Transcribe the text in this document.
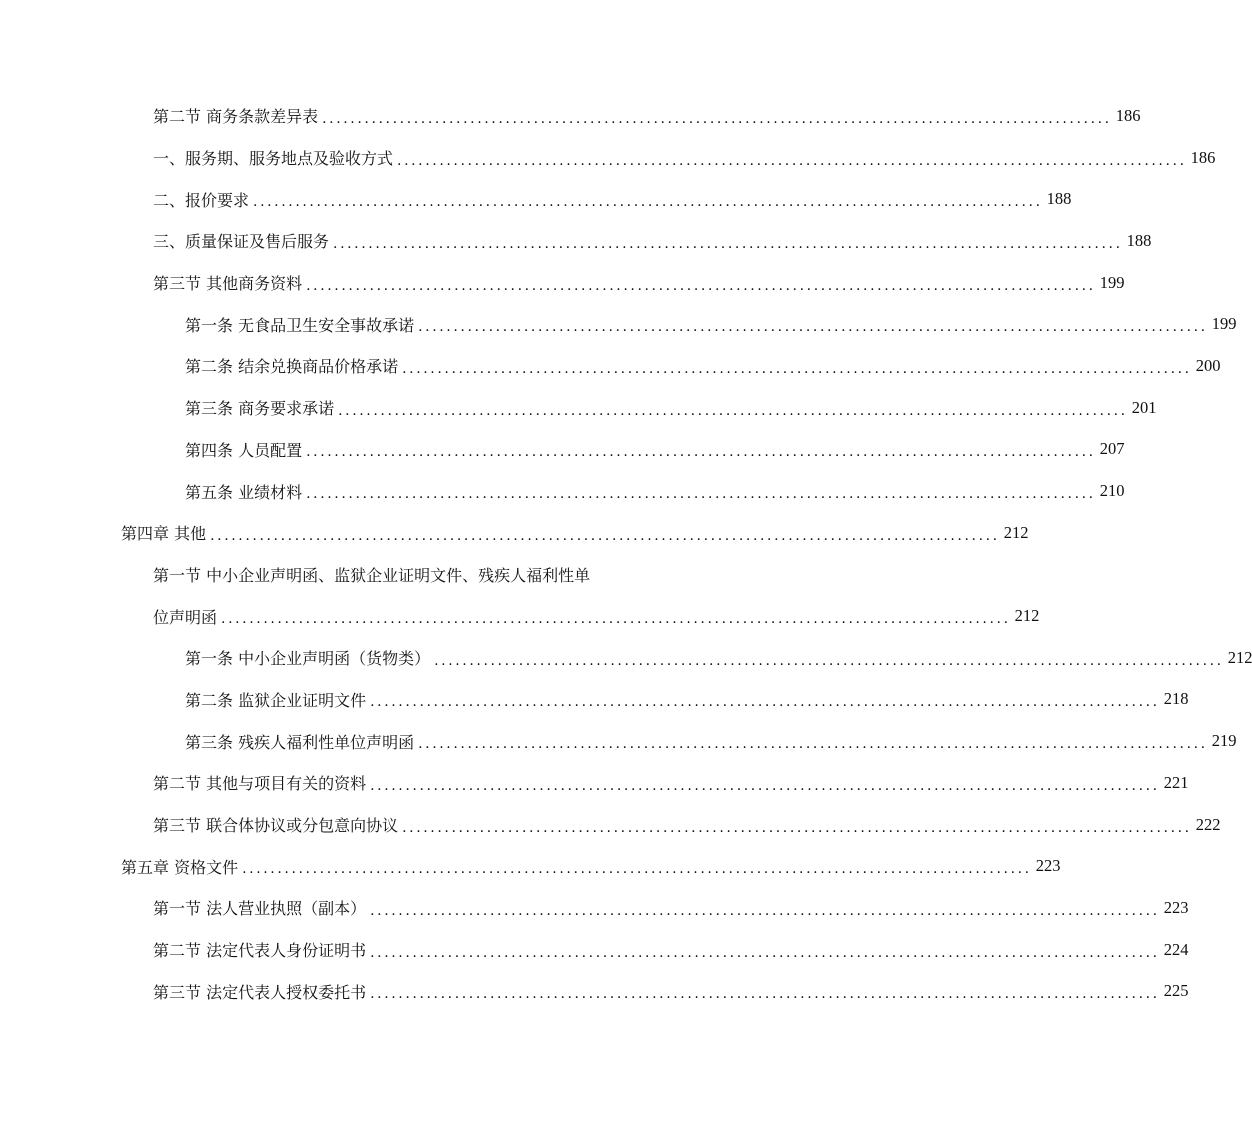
第二节 商务条款差异表 ................................................................................................................ 186
一、服务期、服务地点及验收方式 ................................................................................................................ 186
二、报价要求 ................................................................................................................ 188
三、质量保证及售后服务 ................................................................................................................ 188
第三节 其他商务资料 ................................................................................................................ 199
第一条 无食品卫生安全事故承诺 ................................................................................................................ 199
第二条 结余兑换商品价格承诺 ................................................................................................................ 200
第三条 商务要求承诺 ................................................................................................................ 201
第四条 人员配置 ................................................................................................................ 207
第五条 业绩材料 ................................................................................................................ 210
第四章 其他 ................................................................................................................ 212
第一节 中小企业声明函、监狱企业证明文件、残疾人福利性单
位声明函 ................................................................................................................ 212
第一条 中小企业声明函（货物类） ................................................................................................................ 212
第二条 监狱企业证明文件 ................................................................................................................ 218
第三条 残疾人福利性单位声明函 ................................................................................................................ 219
第二节 其他与项目有关的资料 ................................................................................................................ 221
第三节 联合体协议或分包意向协议 ................................................................................................................ 222
第五章 资格文件 ................................................................................................................ 223
第一节 法人营业执照（副本） ................................................................................................................ 223
第二节 法定代表人身份证明书 ................................................................................................................ 224
第三节 法定代表人授权委托书 ................................................................................................................ 225
